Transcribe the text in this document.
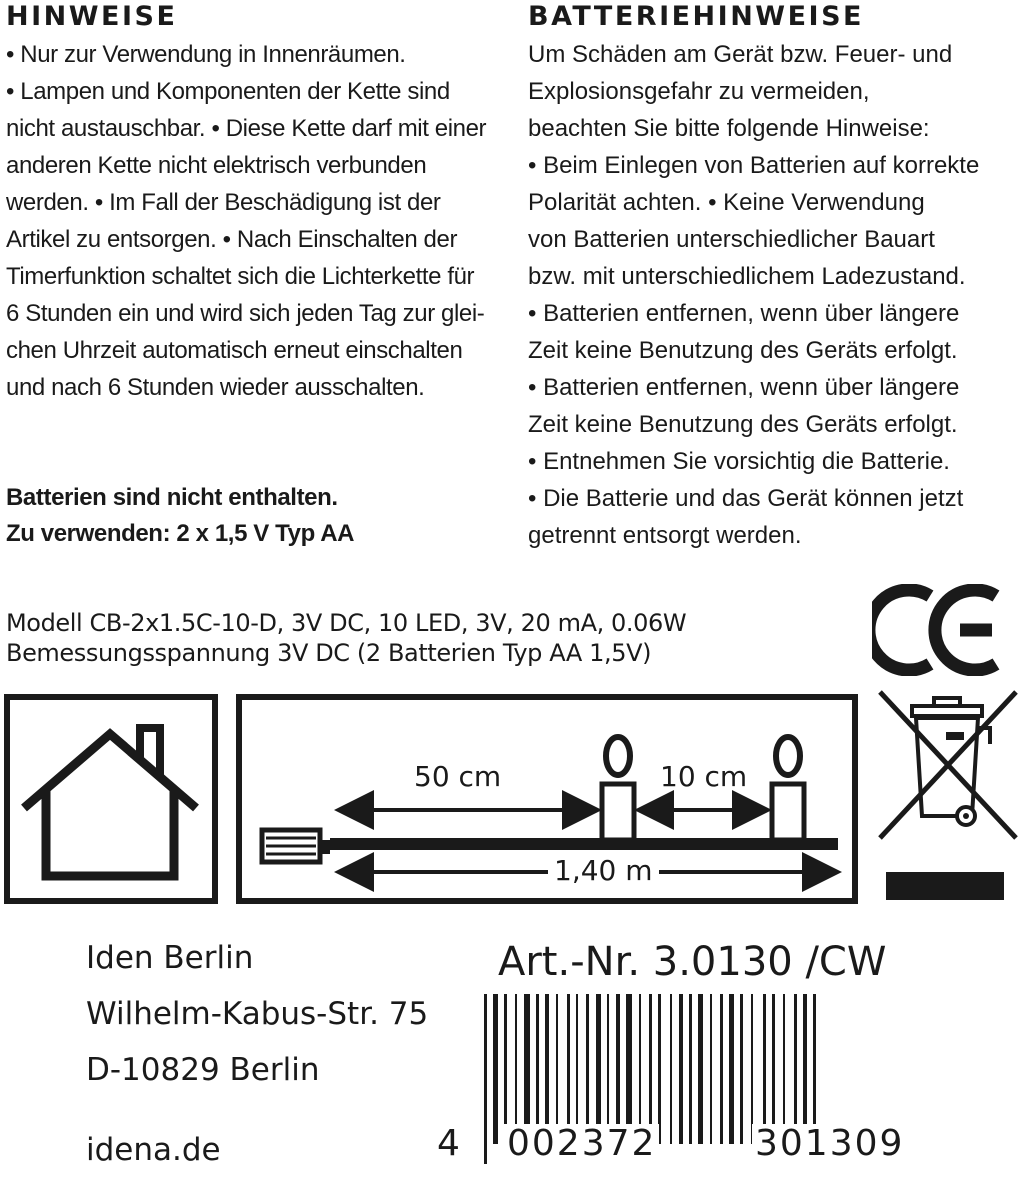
HINWEISE

• Nur zur Verwendung in Innenräumen.

• Lampen und Komponenten der Kette sind

nicht austauschbar. • Diese Kette darf mit einer

anderen Kette nicht elektrisch verbunden

werden. • Im Fall der Beschädigung ist der

Artikel zu entsorgen. • Nach Einschalten der

Timerfunktion schaltet sich die Lichterkette für

6 Stunden ein und wird sich jeden Tag zur glei-

chen Uhrzeit automatisch erneut einschalten

und nach 6 Stunden wieder ausschalten.

Batterien sind nicht enthalten.

Zu verwenden: 2 x 1,5 V Typ AA

BATTERIEHINWEISE

Um Schäden am Gerät bzw. Feuer- und

Explosionsgefahr zu vermeiden,

beachten Sie bitte folgende Hinweise:

• Beim Einlegen von Batterien auf korrekte

Polarität achten. • Keine Verwendung

von Batterien unterschiedlicher Bauart

bzw. mit unterschiedlichem Ladezustand.

• Batterien entfernen, wenn über längere

Zeit keine Benutzung des Geräts erfolgt.

• Batterien entfernen, wenn über längere

Zeit keine Benutzung des Geräts erfolgt.

• Entnehmen Sie vorsichtig die Batterie.

• Die Batterie und das Gerät können jetzt

getrennt entsorgt werden.

Modell CB-2x1.5C-10-D, 3V DC, 10 LED, 3V, 20 mA, 0.06W
Bemessungsspannung 3V DC (2 Batterien Typ AA 1,5V)
50 cm	10 cm
1,40 m
Iden Berlin
Wilhelm-Kabus-Str. 75
D-10829 Berlin
idena.de
Art.-Nr. 3.0130 /CW
4 002372	301309
